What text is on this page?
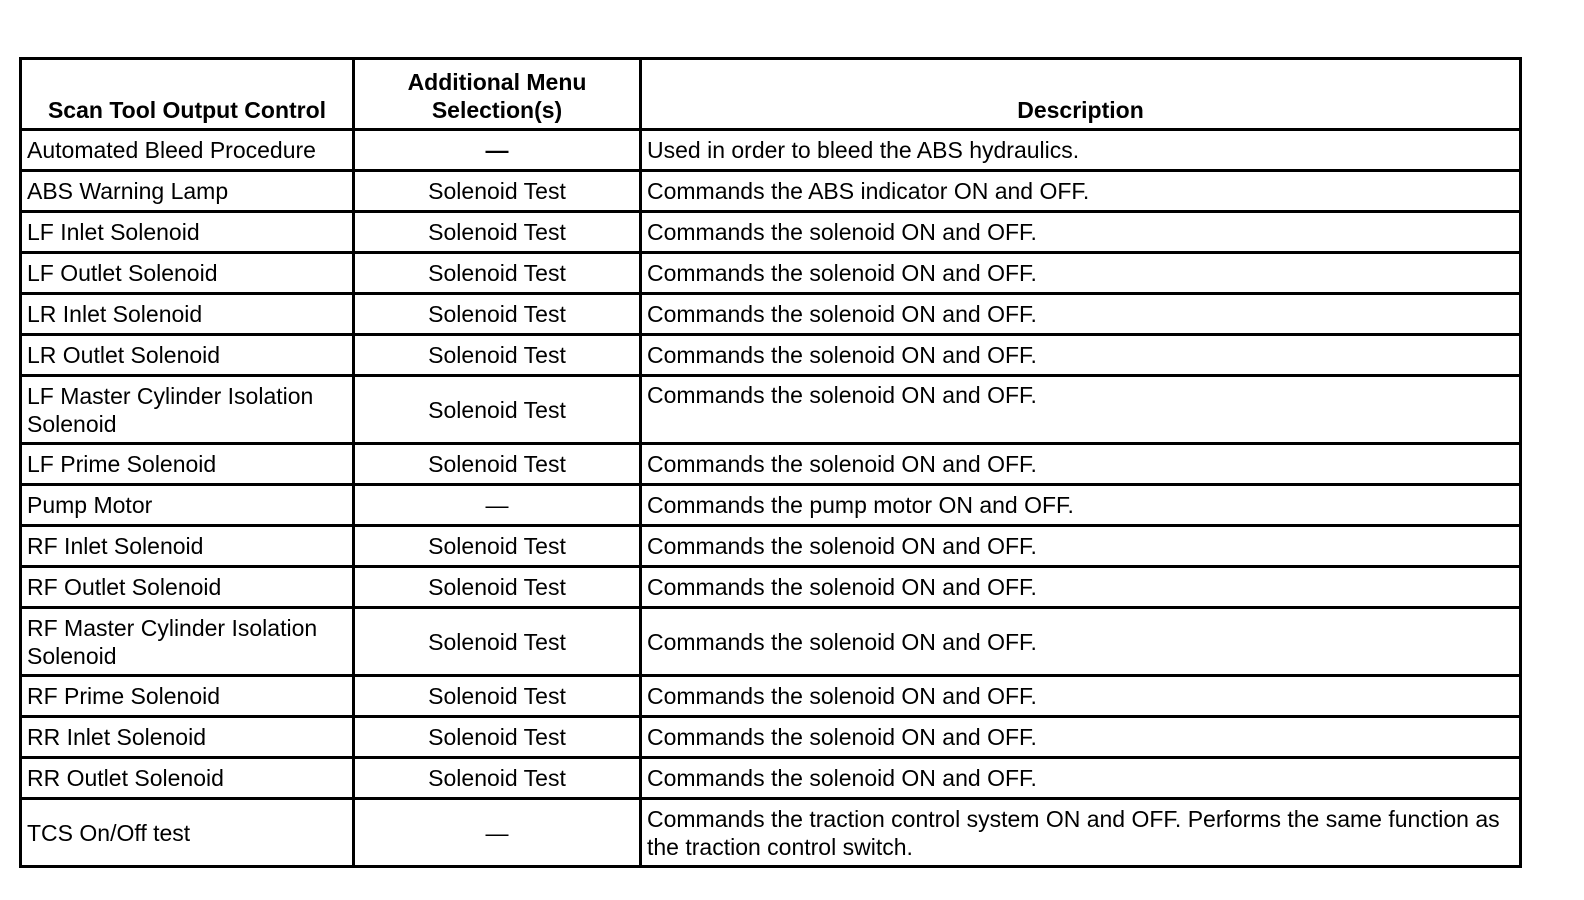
Scan Tool Output Control	Additional Menu Selection(s)	Description
Automated Bleed Procedure	—	Used in order to bleed the ABS hydraulics.
ABS Warning Lamp	Solenoid Test	Commands the ABS indicator ON and OFF.
LF Inlet Solenoid	Solenoid Test	Commands the solenoid ON and OFF.
LF Outlet Solenoid	Solenoid Test	Commands the solenoid ON and OFF.
LR Inlet Solenoid	Solenoid Test	Commands the solenoid ON and OFF.
LR Outlet Solenoid	Solenoid Test	Commands the solenoid ON and OFF.
LF Master Cylinder Isolation Solenoid	Solenoid Test	Commands the solenoid ON and OFF.
LF Prime Solenoid	Solenoid Test	Commands the solenoid ON and OFF.
Pump Motor	—	Commands the pump motor ON and OFF.
RF Inlet Solenoid	Solenoid Test	Commands the solenoid ON and OFF.
RF Outlet Solenoid	Solenoid Test	Commands the solenoid ON and OFF.
RF Master Cylinder Isolation Solenoid	Solenoid Test	Commands the solenoid ON and OFF.
RF Prime Solenoid	Solenoid Test	Commands the solenoid ON and OFF.
RR Inlet Solenoid	Solenoid Test	Commands the solenoid ON and OFF.
RR Outlet Solenoid	Solenoid Test	Commands the solenoid ON and OFF.
TCS On/Off test	—	Commands the traction control system ON and OFF. Performs the same function as the traction control switch.
